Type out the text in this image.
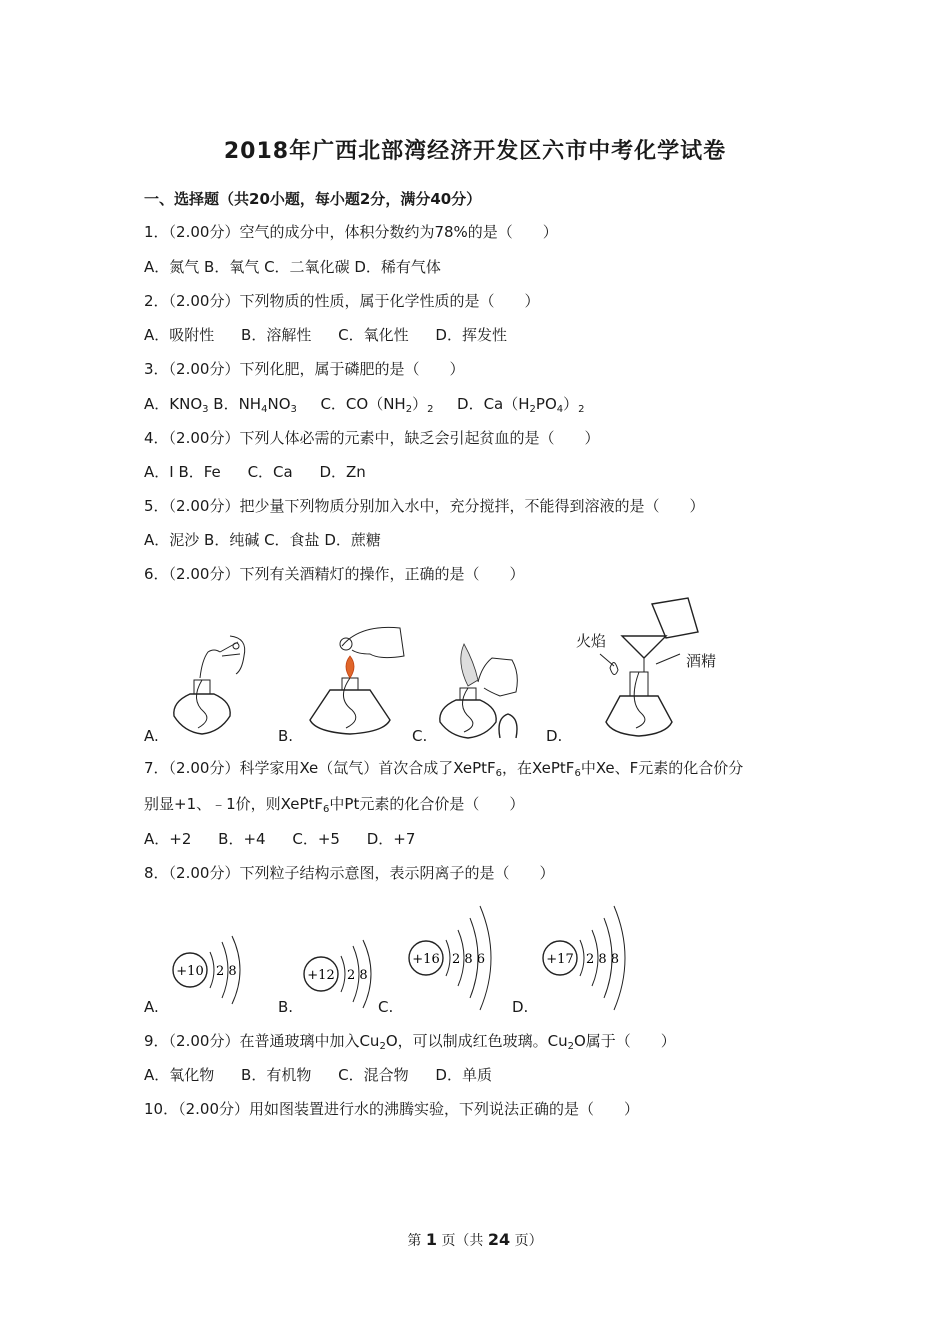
2018年广西北部湾经济开发区六市中考化学试卷
一、选择题（共20小题，每小题2分，满分40分）
1．（2.00分）空气的成分中，体积分数约为78%的是（　　）
A．氮气 B．氧气 C．二氧化碳 D．稀有气体
2．（2.00分）下列物质的性质，属于化学性质的是（　　）
A．吸附性 B．溶解性 C．氧化性 D．挥发性
3．（2.00分）下列化肥，属于磷肥的是（　　）
A．$KNO_3$ B．$NH_4NO_3$ C．$CO(NH_2)_2$ D．$Ca(H_2PO_4)_2$
4．（2.00分）下列人体必需的元素中，缺乏会引起贫血的是（　　）
A．I B．Fe C．Ca D．Zn
5．（2.00分）把少量下列物质分别加入水中，充分搅拌，不能得到溶液的是（　　）
A．泥沙 B．纯碱 C．食盐 D．蔗糖
6．（2.00分）下列有关酒精灯的操作，正确的是（　　）
火焰
酒精
A.	B.	C.	D.
7．（2.00分）科学家用Xe（氙气）首次合成了XePtF$_6$，在XePtF$_6$中Xe、F元素的化合价分
别显+1、﹣1价，则XePtF$_6$中Pt元素的化合价是（　　）
A．+2 B．+4 C．+5 D．+7
8．（2.00分）下列粒子结构示意图，表示阴离子的是（　　）
+10 2 8	+12 2 8
+16 2 8 6	+17 2 8 8
A.	B.	C.	D.
9．（2.00分）在普通玻璃中加入$Cu_2O$，可以制成红色玻璃。$Cu_2O$属于（　　）
A．氧化物 B．有机物 C．混合物 D．单质
10．（2.00分）用如图装置进行水的沸腾实验，下列说法正确的是（　　）
第 1 页（共 24 页）
